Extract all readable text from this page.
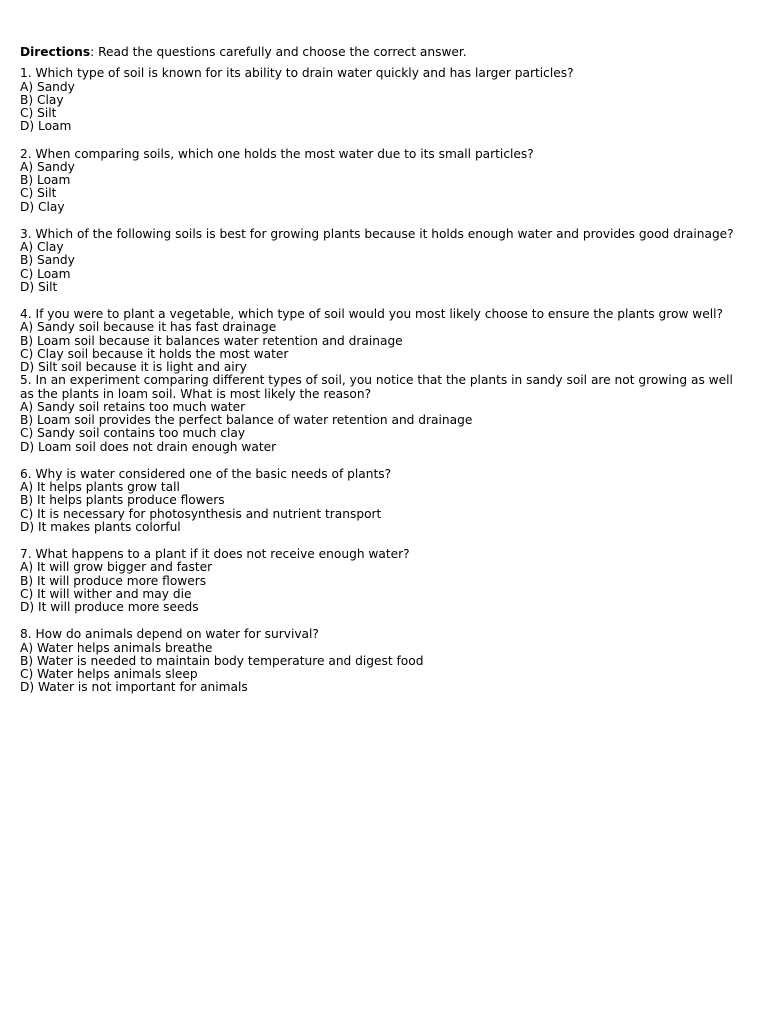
Directions: Read the questions carefully and choose the correct answer.

1. Which type of soil is known for its ability to drain water quickly and has larger particles?
A) Sandy
B) Clay
C) Silt
D) Loam
2. When comparing soils, which one holds the most water due to its small particles?
A) Sandy
B) Loam
C) Silt
D) Clay
3. Which of the following soils is best for growing plants because it holds enough water and provides good drainage?
A) Clay
B) Sandy
C) Loam
D) Silt
4. If you were to plant a vegetable, which type of soil would you most likely choose to ensure the plants grow well?
A) Sandy soil because it has fast drainage
B) Loam soil because it balances water retention and drainage
C) Clay soil because it holds the most water
D) Silt soil because it is light and airy
5. In an experiment comparing different types of soil, you notice that the plants in sandy soil are not growing as well as the plants in loam soil. What is most likely the reason?
A) Sandy soil retains too much water
B) Loam soil provides the perfect balance of water retention and drainage
C) Sandy soil contains too much clay
D) Loam soil does not drain enough water
6. Why is water considered one of the basic needs of plants?
A) It helps plants grow tall
B) It helps plants produce flowers
C) It is necessary for photosynthesis and nutrient transport
D) It makes plants colorful
7. What happens to a plant if it does not receive enough water?
A) It will grow bigger and faster
B) It will produce more flowers
C) It will wither and may die
D) It will produce more seeds
8. How do animals depend on water for survival?
A) Water helps animals breathe
B) Water is needed to maintain body temperature and digest food
C) Water helps animals sleep
D) Water is not important for animals
